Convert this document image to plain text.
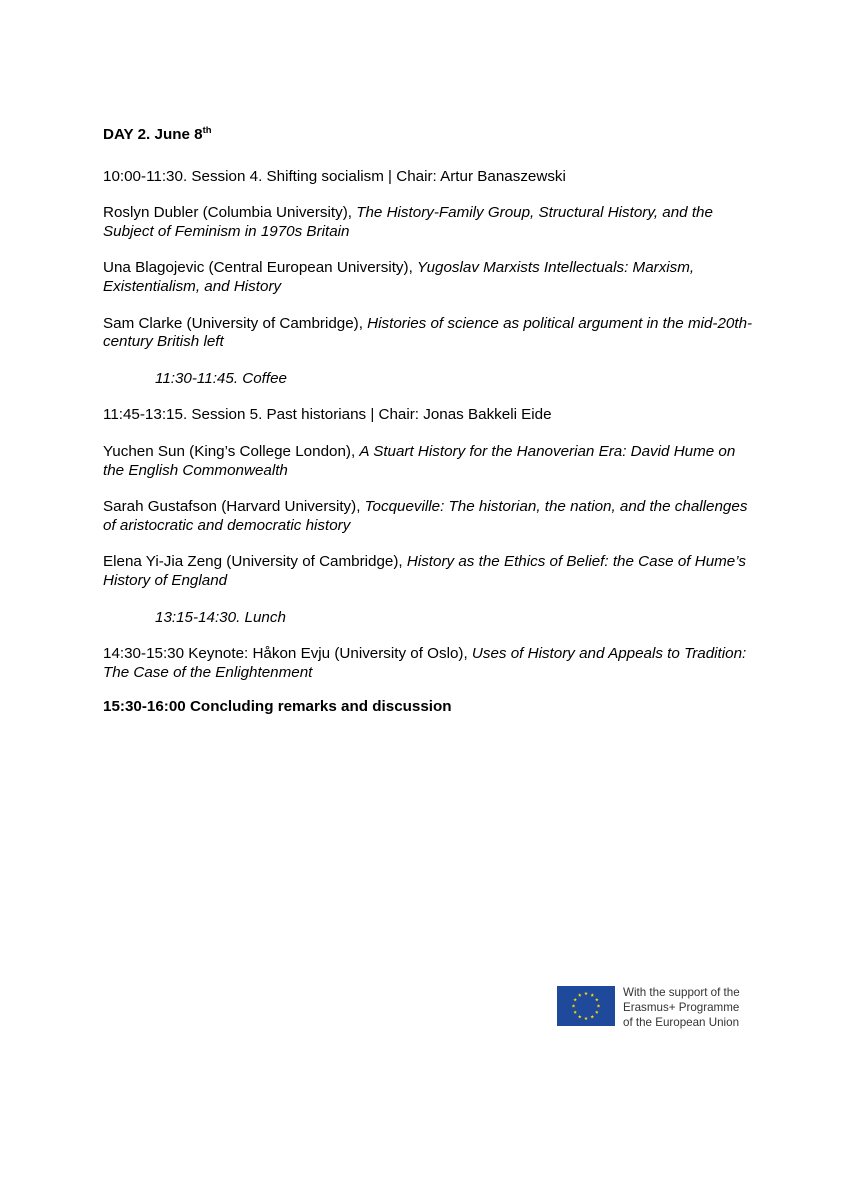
DAY 2. June 8th

10:00-11:30. Session 4. Shifting socialism | Chair: Artur Banaszewski

Roslyn Dubler (Columbia University), The History-Family Group, Structural History, and the Subject of Feminism in 1970s Britain

Una Blagojevic (Central European University), Yugoslav Marxists Intellectuals: Marxism, Existentialism, and History

Sam Clarke (University of Cambridge), Histories of science as political argument in the mid-20th-century British left

11:30-11:45. Coffee

11:45-13:15. Session 5. Past historians | Chair: Jonas Bakkeli Eide

Yuchen Sun (King’s College London), A Stuart History for the Hanoverian Era: David Hume on the English Commonwealth

Sarah Gustafson (Harvard University), Tocqueville: The historian, the nation, and the challenges of aristocratic and democratic history

Elena Yi-Jia Zeng (University of Cambridge), History as the Ethics of Belief: the Case of Hume’s History of England

13:15-14:30. Lunch

14:30-15:30 Keynote: Håkon Evju (University of Oslo), Uses of History and Appeals to Tradition: The Case of the Enlightenment

15:30-16:00 Concluding remarks and discussion

With the support of the
Erasmus+ Programme
of the European Union
